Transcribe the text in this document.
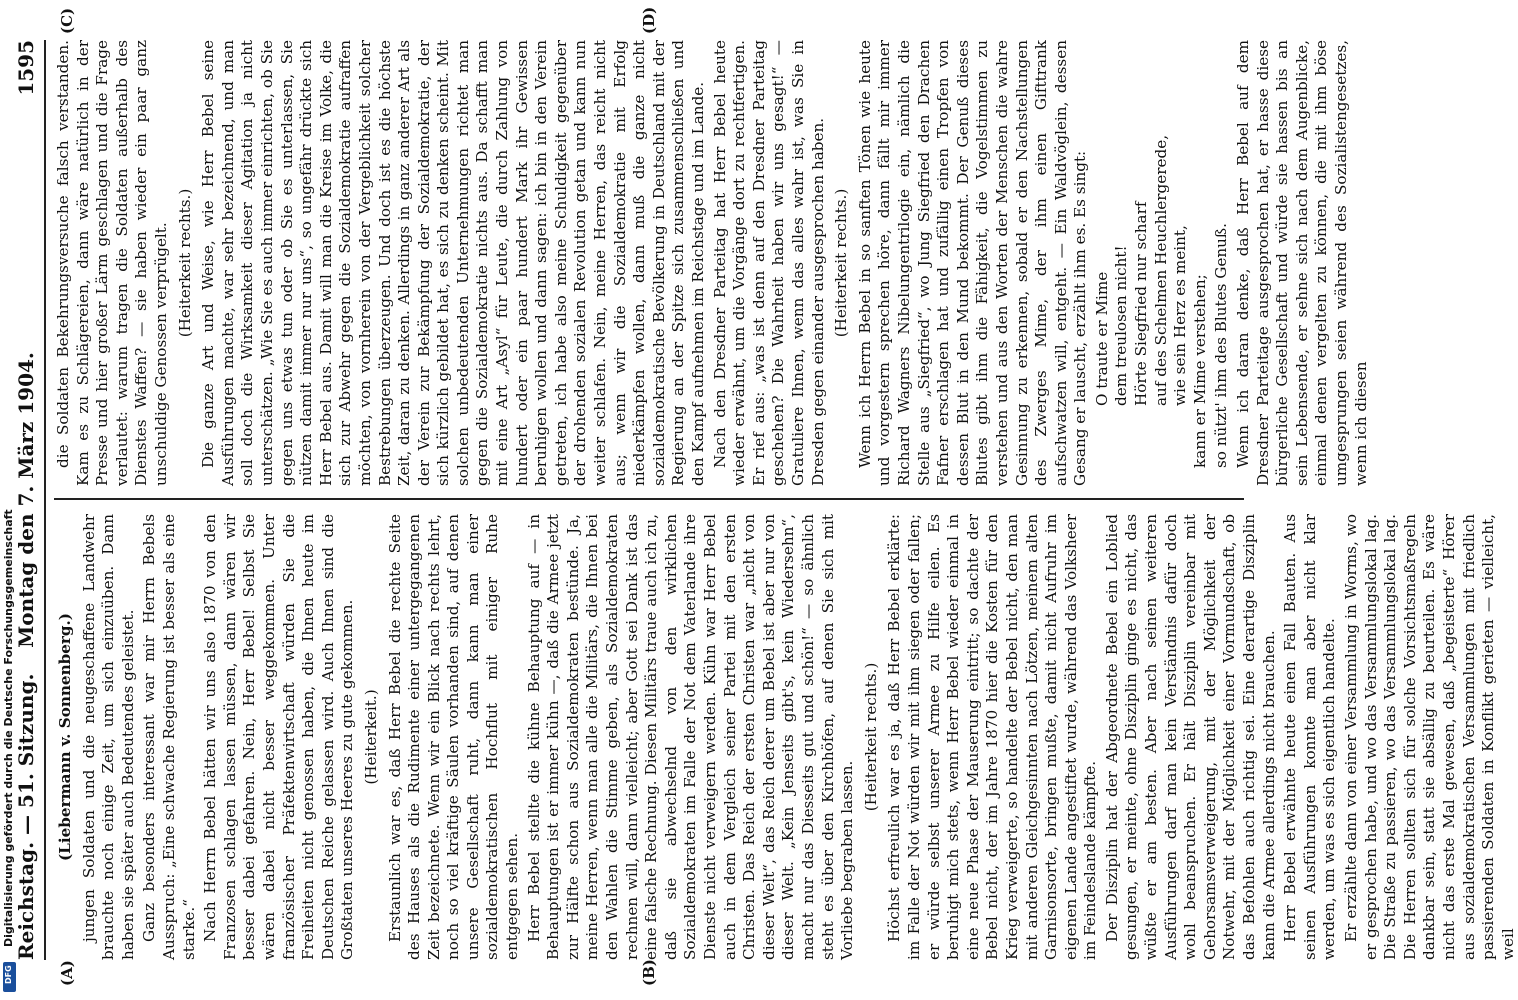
Reichstag. — 51. Sitzung.
Montag den 7. März 1904.
1595
(A)	(B)
(C)	(D)
(Liebermann v. Sonnenberg.) jungen Soldaten und die neugeschaffene Landwehr brauchte noch einige Zeit, um sich einzuüben. Dann haben sie später auch Bedeutendes geleistet. Ganz besonders interessant war mir Herrn Bebels Ausspruch: „Eine schwache Regierung ist besser als eine starke.“ Nach Herrn Bebel hätten wir uns also 1870 von den Franzosen schlagen lassen müssen, dann wären wir besser dabei gefahren. Nein, Herr Bebel! Selbst Sie wären dabei nicht besser weggekommen. Unter französischer Präfektenwirtschaft würden Sie die Freiheiten nicht genossen haben, die Ihnen heute im Deutschen Reiche gelassen wird. Auch Ihnen sind die Großtaten unseres Heeres zu gute gekommen. (Heiterkeit.) Erstaunlich war es, daß Herr Bebel die rechte Seite des Hauses als die Rudimente einer untergegangenen Zeit bezeichnete. Wenn wir ein Blick nach rechts lehrt, noch so viel kräftige Säulen vorhanden sind, auf denen unsere Gesellschaft ruht, dann kann man einer sozialdemokratischen Hochflut mit einiger Ruhe entgegen sehen. Herr Bebel stellte die kühne Behauptung auf — in Behauptungen ist er immer kühn —, daß die Armee jetzt zur Hälfte schon aus Sozialdemokraten bestünde. Ja, meine Herren, wenn man alle die Militärs, die Ihnen bei den Wahlen die Stimme geben, als Sozialdemokraten rechnen will, dann vielleicht; aber Gott sei Dank ist das eine falsche Rechnung. Diesen Militärs traue auch ich zu, daß sie abwechselnd von den wirklichen Sozialdemokraten im Falle der Not dem Vaterlande ihre Dienste nicht verweigern werden. Kühn war Herr Bebel auch in dem Vergleich seiner Partei mit den ersten Christen. Das Reich der ersten Christen war „nicht von dieser Welt“, das Reich derer um Bebel ist aber nur von dieser Welt. „Kein Jenseits gibt's, kein Wiedersehn“, macht nur das Diesseits gut und schön!“ — so ähnlich steht es über den Kirchhöfen, auf denen Sie sich mit Vorliebe begraben lassen.

(Heiterkeit rechts.) Höchst erfreulich war es ja, daß Herr Bebel erklärte: im Falle der Not würden wir mit ihm siegen oder fallen; er würde selbst unserer Armee zu Hilfe eilen. Es beruhigt mich stets, wenn Herr Bebel wieder einmal in eine neue Phase der Mauserung eintritt; so dachte der Bebel nicht, der im Jahre 1870 hier die Kosten für den Krieg verweigerte, so handelte der Bebel nicht, den man mit anderen Gleichgesinnten nach Lötzen, meinem alten Garnisonsorte, bringen mußte, damit nicht Aufruhr im eigenen Lande angestiftet wurde, während das Volksheer im Feindeslande kämpfte. Der Disziplin hat der Abgeordnete Bebel ein Loblied gesungen, er meinte, ohne Disziplin ginge es nicht, das wüßte er am besten. Aber nach seinen weiteren Ausführungen darf man kein Verständnis dafür doch wohl beanspruchen. Er hält Disziplin vereinbar mit Gehorsamsverweigerung, mit der Möglichkeit der Notwehr, mit der Möglichkeit einer Vormundschaft, ob das Befohlen auch richtig sei. Eine derartige Disziplin kann die Armee allerdings nicht brauchen. Herr Bebel erwähnte heute einen Fall Bauten. Aus seinen Ausführungen konnte man aber nicht klar werden, um was es sich eigentlich handelte. Er erzählte dann von einer Versammlung in Worms, wo er gesprochen habe, und wo das Versammlungslokal lag. Die Straße zu passieren, wo das Versammlungslokal lag. Die Herren sollten sich für solche Vorsichtsmaßregeln dankbar sein, statt sie absällig zu beurteilen. Es wäre nicht das erste Mal gewesen, daß „begeisterte“ Hörer aus sozialdemokratischen Versammlungen mit friedlich passierenden Soldaten in Konflikt gerieten — vielleicht, weil

die Soldaten Bekehrungsversuche falsch verstanden. Kam es zu Schlägereien, dann wäre natürlich in der Presse und hier großer Lärm geschlagen und die Frage verlautet: warum tragen die Soldaten außerhalb des Dienstes Waffen? — sie haben wieder ein paar ganz unschuldige Genossen verprügelt. (Heiterkeit rechts.) Die ganze Art und Weise, wie Herr Bebel seine Ausführungen machte, war sehr bezeichnend, und man soll doch die Wirksamkeit dieser Agitation ja nicht unterschätzen. „Wie Sie es auch immer einrichten, ob Sie gegen uns etwas tun oder ob Sie es unterlassen, Sie nützen damit immer nur uns“, so ungefähr drückte sich Herr Bebel aus. Damit will man die Kreise im Volke, die sich zur Abwehr gegen die Sozialdemokratie aufraffen möchten, von vornherein von der Vergeblichkeit solcher Bestrebungen überzeugen. Und doch ist es die höchste Zeit, daran zu denken. Allerdings in ganz anderer Art als der Verein zur Bekämpfung der Sozialdemokratie, der sich kürzlich gebildet hat, es sich zu denken scheint. Mit solchen unbedeutenden Unternehmungen richtet man gegen die Sozialdemokratie nichts aus. Da schafft man mit eine Art „Asyl“ für Leute, die durch Zahlung von hundert oder ein paar hundert Mark ihr Gewissen beruhigen wollen und dann sagen: ich bin in den Verein getreten, ich habe also meine Schuldigkeit gegenüber der drohenden sozialen Revolution getan und kann nun weiter schlafen. Nein, meine Herren, das reicht nicht aus; wenn wir die Sozialdemokratie mit Erfolg niederkämpfen wollen, dann muß die ganze nicht sozialdemokratische Bevölkerung in Deutschland mit der Regierung an der Spitze sich zusammenschließen und den Kampf aufnehmen im Reichstage und im Lande. Nach den Dresdner Parteitag hat Herr Bebel heute wieder erwähnt, um die Vorgänge dort zu rechtfertigen. Er rief aus: „was ist denn auf den Dresdner Parteitag geschehen? Die Wahrheit haben wir uns gesagt!“ — Gratuliere Ihnen, wenn das alles wahr ist, was Sie in Dresden gegen einander ausgesprochen haben. (Heiterkeit rechts.) Wenn ich Herrn Bebel in so sanften Tönen wie heute und vorgestern sprechen höre, dann fällt mir immer Richard Wagners Nibelungentrilogie ein, nämlich die Stelle aus „Siegfried“, wo Jung Siegfried den Drachen Fafner erschlagen hat und zufällig einen Tropfen von dessen Blut in den Mund bekommt. Der Genuß dieses Blutes gibt ihm die Fähigkeit, die Vogelstimmen zu verstehen und aus den Worten der Menschen die wahre Gesinnung zu erkennen, sobald er den Nachstellungen des Zwerges Mime, der ihm einen Gifttrank aufschwatzen will, entgeht. — Ein Waldvöglein, dessen Gesang er lauscht, erzählt ihm es. Es singt: O traute er Mime dem treulosen nicht! Hörte Siegfried nur scharf auf des Schelmen Heuchlergerede, wie sein Herz es meint, kann er Mime verstehen; so nützt' ihm des Blutes Genuß. Wenn ich daran denke, daß Herr Bebel auf dem Dresdner Parteitage ausgesprochen hat, er hasse diese bürgerliche Gesellschaft und würde sie hassen bis an sein Lebensende, er sehne sich nach dem Augenblicke, einmal denen vergelten zu können, die mit ihm böse umgesprungen seien während des Sozialistengesetzes, wenn ich diesen

Digitalisierung gefördert durch die Deutsche Forschungsgemeinschaft
DFG
